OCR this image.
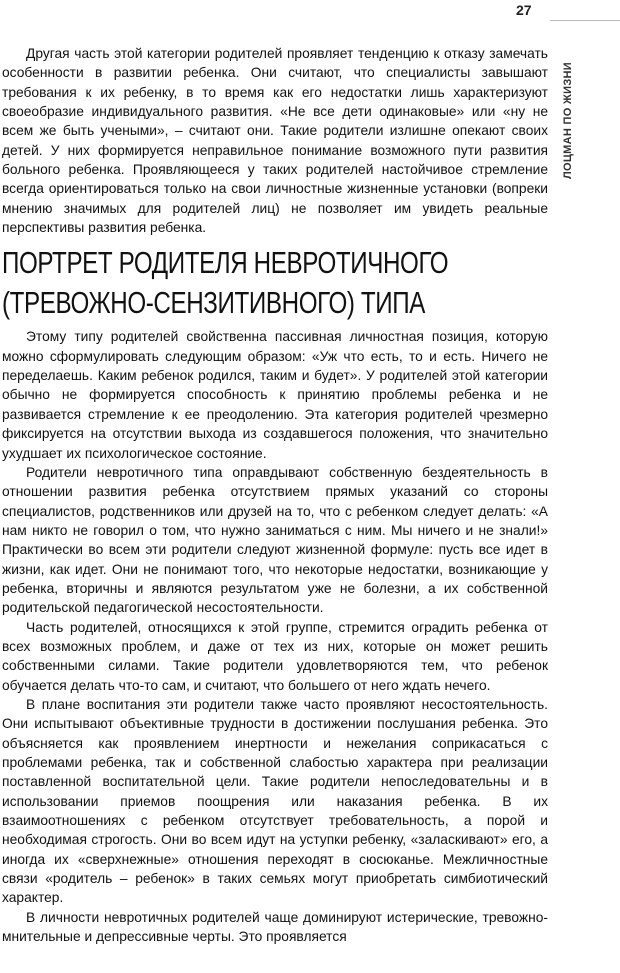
27
ЛОЦМАН ПО ЖИЗНИ

Другая часть этой категории родителей проявляет тенденцию к отказу замечать особенности в развитии ребенка. Они считают, что специалисты завышают требования к их ребенку, в то время как его недостатки лишь характеризуют своеобразие индивидуального развития. «Не все дети одинаковые» или «ну не всем же быть учеными», – считают они. Такие родители излишне опекают своих детей. У них формируется неправильное понимание возможного пути развития больного ребенка. Проявляющееся у таких родителей настойчивое стремление всегда ориентироваться только на свои личностные жизненные установки (вопреки мнению значимых для родителей лиц) не позволяет им увидеть реальные перспективы развития ребенка.

ПОРТРЕТ РОДИТЕЛЯ НЕВРОТИЧНОГО (ТРЕВОЖНО-СЕНЗИТИВНОГО) ТИПА

Этому типу родителей свойственна пассивная личностная позиция, которую можно сформулировать следующим образом: «Уж что есть, то и есть. Ничего не переделаешь. Каким ребенок родился, таким и будет». У родителей этой категории обычно не формируется способность к принятию проблемы ребенка и не развивается стремление к ее преодолению. Эта категория родителей чрезмерно фиксируется на отсутствии выхода из создавшегося положения, что значительно ухудшает их психологическое состояние.

Родители невротичного типа оправдывают собственную бездеятельность в отношении развития ребенка отсутствием прямых указаний со стороны специалистов, родственников или друзей на то, что с ребенком следует делать: «А нам никто не говорил о том, что нужно заниматься с ним. Мы ничего и не знали!» Практически во всем эти родители следуют жизненной формуле: пусть все идет в жизни, как идет. Они не понимают того, что некоторые недостатки, возникающие у ребенка, вторичны и являются результатом уже не болезни, а их собственной родительской педагогической несостоятельности.

Часть родителей, относящихся к этой группе, стремится оградить ребенка от всех возможных проблем, и даже от тех из них, которые он может решить собственными силами. Такие родители удовлетворяются тем, что ребенок обучается делать что-то сам, и считают, что большего от него ждать нечего.

В плане воспитания эти родители также часто проявляют несостоятельность. Они испытывают объективные трудности в достижении послушания ребенка. Это объясняется как проявлением инертности и нежелания соприкасаться с проблемами ребенка, так и собственной слабостью характера при реализации поставленной воспитательной цели. Такие родители непоследовательны и в использовании приемов поощрения или наказания ребенка. В их взаимоотношениях с ребенком отсутствует требовательность, а порой и необходимая строгость. Они во всем идут на уступки ребенку, «заласкивают» его, а иногда их «сверхнежные» отношения переходят в сюсюканье. Межличностные связи «родитель – ребенок» в таких семьях могут приобретать симбиотический характер.

В личности невротичных родителей чаще доминируют истерические, тревожно-мнительные и депрессивные черты. Это проявляется
